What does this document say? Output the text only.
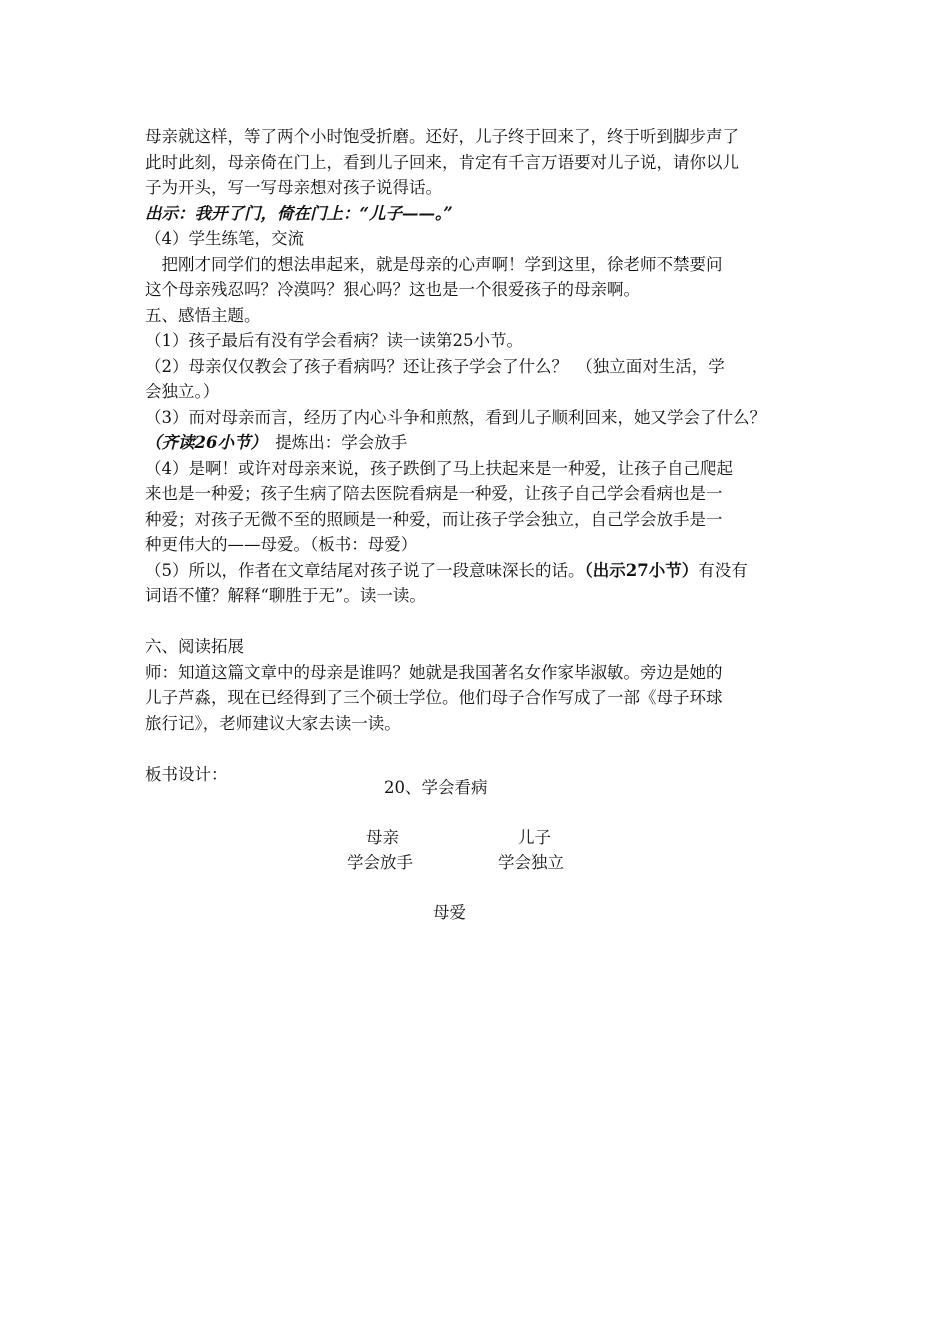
母亲就这样，等了两个小时饱受折磨。还好，儿子终于回来了，终于听到脚步声了
此时此刻，母亲倚在门上，看到儿子回来，肯定有千言万语要对儿子说，请你以儿
子为开头，写一写母亲想对孩子说得话。
出示：我开了门，倚在门上：“儿子——。”
（4）学生练笔，交流
　把刚才同学们的想法串起来，就是母亲的心声啊！学到这里，徐老师不禁要问
这个母亲残忍吗？冷漠吗？狠心吗？这也是一个很爱孩子的母亲啊。
五、感悟主题。
（1）孩子最后有没有学会看病？读一读第25小节。
（2）母亲仅仅教会了孩子看病吗？还让孩子学会了什么？　（独立面对生活，学
会独立。）
（3）而对母亲而言，经历了内心斗争和煎熬，看到儿子顺利回来，她又学会了什么？
（齐读26小节）　提炼出：学会放手
（4）是啊！或许对母亲来说，孩子跌倒了马上扶起来是一种爱，让孩子自己爬起
来也是一种爱；孩子生病了陪去医院看病是一种爱，让孩子自己学会看病也是一
种爱；对孩子无微不至的照顾是一种爱，而让孩子学会独立，自己学会放手是一
种更伟大的——母爱。（板书：母爱）
（5）所以，作者在文章结尾对孩子说了一段意味深长的话。（出示27小节）有没有
词语不懂？解释“聊胜于无”。读一读。
六、阅读拓展
师：知道这篇文章中的母亲是谁吗？她就是我国著名女作家毕淑敏。旁边是她的
儿子芦淼，现在已经得到了三个硕士学位。他们母子合作写成了一部《母子环球
旅行记》，老师建议大家去读一读。
板书设计：
20、学会看病
母亲
学会放手
儿子
学会独立
母爱
